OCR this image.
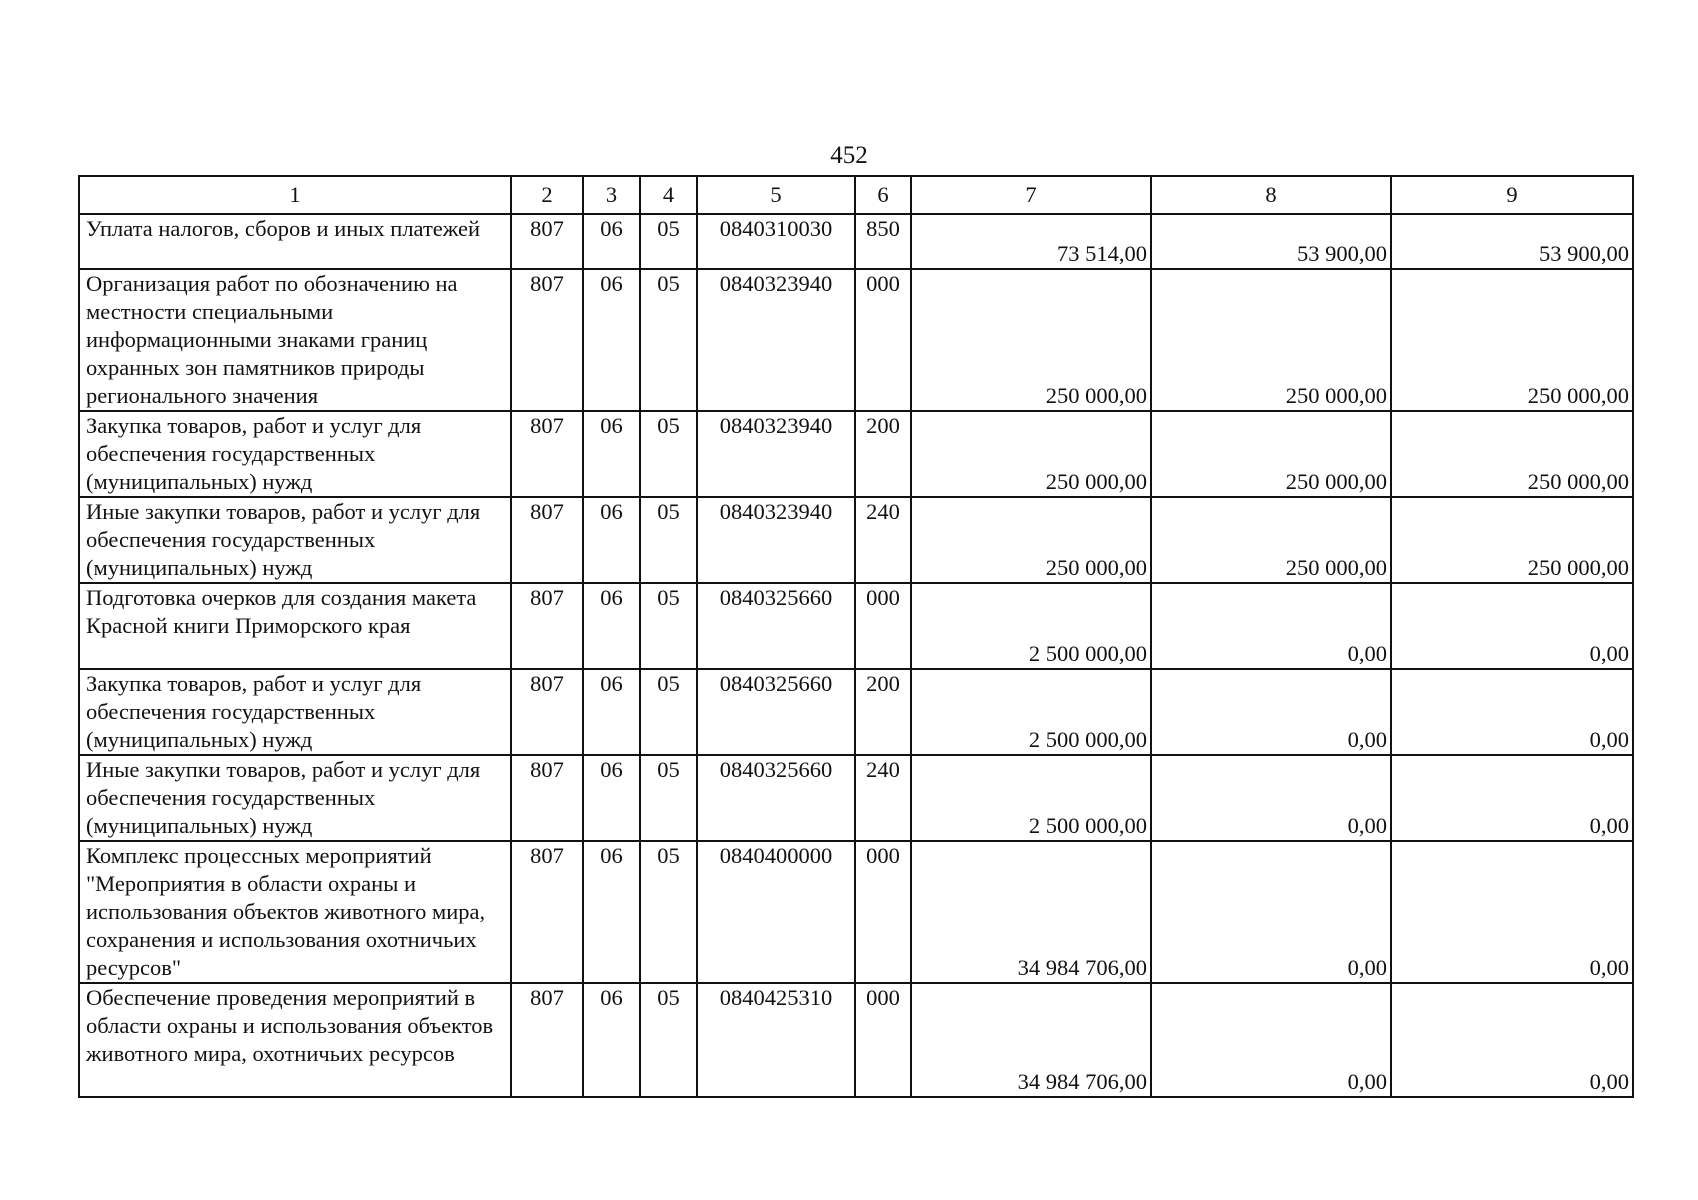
452
1	2	3	4	5	6	7	8	9
Уплата налогов, сборов и иных платежей	807	06	05	0840310030	850	73 514,00	53 900,00	53 900,00
Организация работ по обозначению на местности специальными информационными знаками границ охранных зон памятников природы регионального значения	807	06	05	0840323940	000	250 000,00	250 000,00	250 000,00
Закупка товаров, работ и услуг для обеспечения государственных (муниципальных) нужд	807	06	05	0840323940	200	250 000,00	250 000,00	250 000,00
Иные закупки товаров, работ и услуг для обеспечения государственных (муниципальных) нужд	807	06	05	0840323940	240	250 000,00	250 000,00	250 000,00
Подготовка очерков для создания макета Красной книги Приморского края	807	06	05	0840325660	000	2 500 000,00	0,00	0,00
Закупка товаров, работ и услуг для обеспечения государственных (муниципальных) нужд	807	06	05	0840325660	200	2 500 000,00	0,00	0,00
Иные закупки товаров, работ и услуг для обеспечения государственных (муниципальных) нужд	807	06	05	0840325660	240	2 500 000,00	0,00	0,00
Комплекс процессных мероприятий "Мероприятия в области охраны и использования объектов животного мира, сохранения и использования охотничьих ресурсов"	807	06	05	0840400000	000	34 984 706,00	0,00	0,00
Обеспечение проведения мероприятий в области охраны и использования объектов животного мира, охотничьих ресурсов	807	06	05	0840425310	000	34 984 706,00	0,00	0,00
